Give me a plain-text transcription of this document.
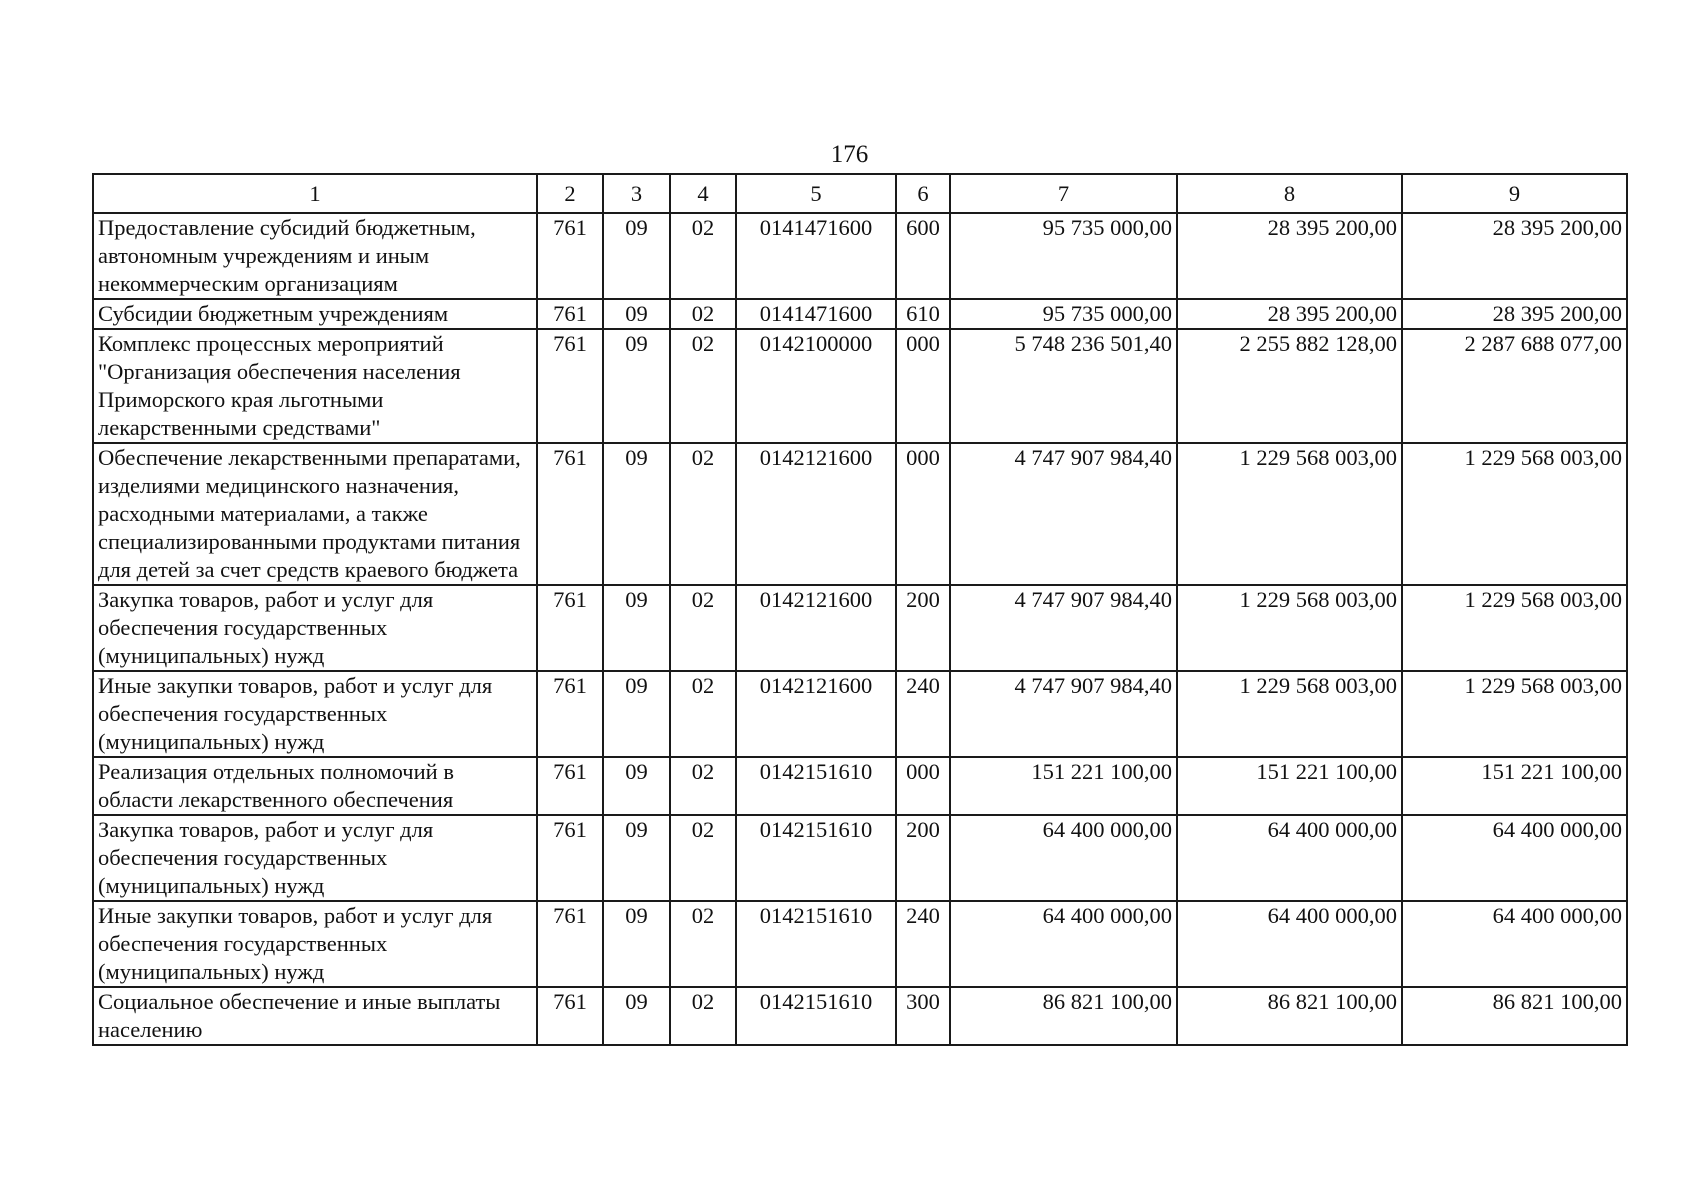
176
1	2	3	4	5	6	7	8	9
Предоставление субсидий бюджетным, автономным учреждениям и иным некоммерческим организациям	761	09	02	0141471600	600	95 735 000,00	28 395 200,00	28 395 200,00
Субсидии бюджетным учреждениям	761	09	02	0141471600	610	95 735 000,00	28 395 200,00	28 395 200,00
Комплекс процессных мероприятий "Организация обеспечения населения Приморского края льготными лекарственными средствами"	761	09	02	0142100000	000	5 748 236 501,40	2 255 882 128,00	2 287 688 077,00
Обеспечение лекарственными препаратами, изделиями медицинского назначения, расходными материалами, а также специализированными продуктами питания для детей за счет средств краевого бюджета	761	09	02	0142121600	000	4 747 907 984,40	1 229 568 003,00	1 229 568 003,00
Закупка товаров, работ и услуг для обеспечения государственных (муниципальных) нужд	761	09	02	0142121600	200	4 747 907 984,40	1 229 568 003,00	1 229 568 003,00
Иные закупки товаров, работ и услуг для обеспечения государственных (муниципальных) нужд	761	09	02	0142121600	240	4 747 907 984,40	1 229 568 003,00	1 229 568 003,00
Реализация отдельных полномочий в области лекарственного обеспечения	761	09	02	0142151610	000	151 221 100,00	151 221 100,00	151 221 100,00
Закупка товаров, работ и услуг для обеспечения государственных (муниципальных) нужд	761	09	02	0142151610	200	64 400 000,00	64 400 000,00	64 400 000,00
Иные закупки товаров, работ и услуг для обеспечения государственных (муниципальных) нужд	761	09	02	0142151610	240	64 400 000,00	64 400 000,00	64 400 000,00
Социальное обеспечение и иные выплаты населению	761	09	02	0142151610	300	86 821 100,00	86 821 100,00	86 821 100,00
